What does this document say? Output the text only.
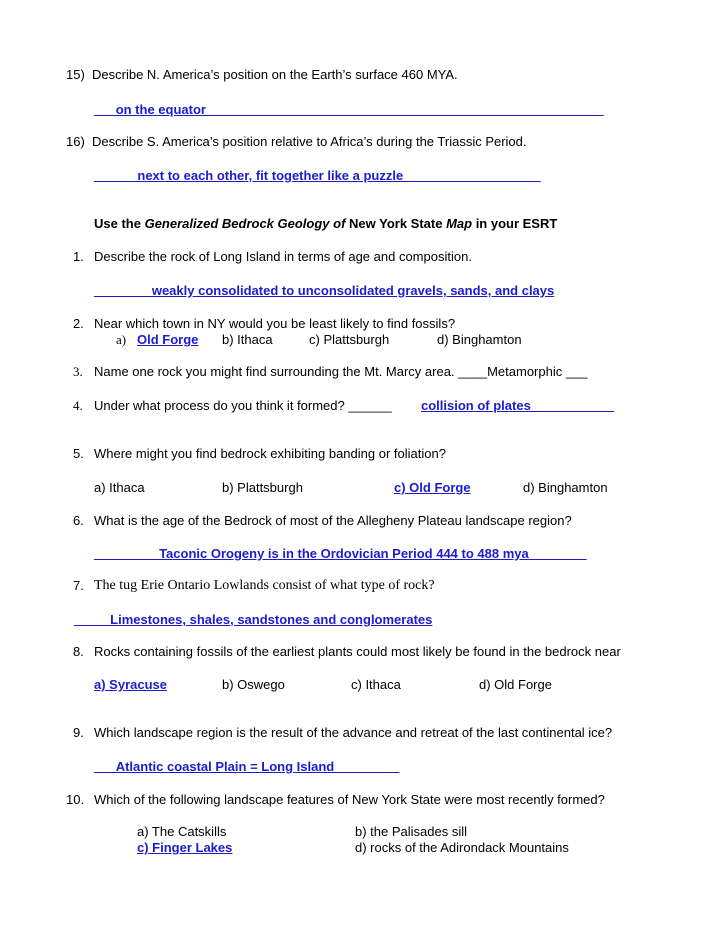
15)  Describe N. America’s position on the Earth’s surface 460 MYA.
___on the equator_______________________________________________________
16)  Describe S. America’s position relative to Africa’s during the Triassic Period.
______next to each other, fit together like a puzzle___________________
Use the Generalized Bedrock Geology of New York State Map in your ESRT
1. Describe the rock of Long Island in terms of age and composition.
________weakly consolidated to unconsolidated gravels, sands, and clays
2. Near which town in NY would you be least likely to find fossils?
a) Old Forge b) Ithaca	c) Plattsburgh	d) Binghamton
3. Name one rock you might find surrounding the Mt. Marcy area. ____Metamorphic ___
4. Under what process do you think it formed? ______ collision of plates ___________
5. Where might you find bedrock exhibiting banding or foliation?
a) Ithaca	b) Plattsburgh	c) Old Forge	d) Binghamton
6. What is the age of the Bedrock of most of the Allegheny Plateau landscape region?
_________Taconic Orogeny is in the Ordovician Period 444 to 488 mya________
7. The tug Erie Ontario Lowlands consist of what type of rock?
_____Limestones, shales, sandstones and conglomerates
8. Rocks containing fossils of the earliest plants could most likely be found in the bedrock near
a) Syracuse	b) Oswego	c) Ithaca	d) Old Forge
9. Which landscape region is the result of the advance and retreat of the last continental ice?
___Atlantic coastal Plain = Long Island_________
10. Which of the following landscape features of New York State were most recently formed?
a) The Catskills	b) the Palisades sill
c) Finger Lakes	d) rocks of the Adirondack Mountains
